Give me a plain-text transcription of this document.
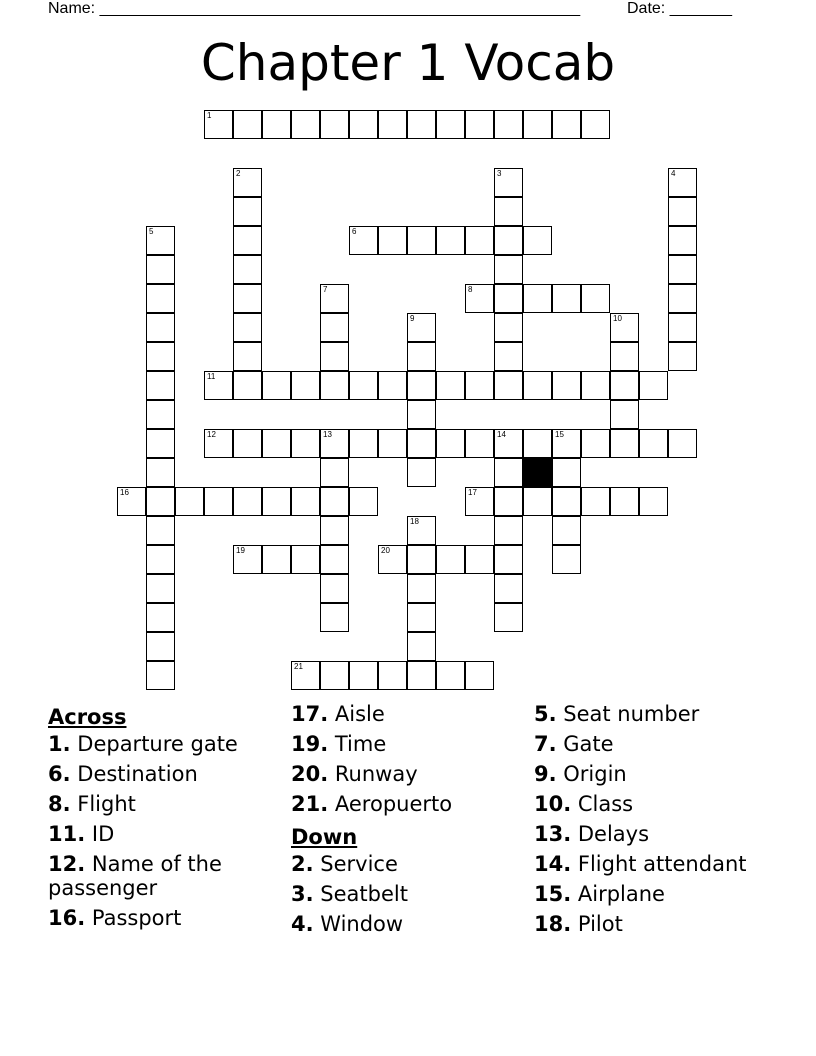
Name: ______________________________________________________	Date: _______
Chapter 1 Vocab
1
2	3	4
5	6
7	8
9	10
11
12	13	14	15
16	17
18
19	20
21
Across
1. Departure gate
6. Destination
8. Flight
11. ID
12. Name of the passenger
16. Passport
17. Aisle
19. Time
20. Runway
21. Aeropuerto
Down
2. Service
3. Seatbelt
4. Window
5. Seat number
7. Gate
9. Origin
10. Class
13. Delays
14. Flight attendant
15. Airplane
18. Pilot
